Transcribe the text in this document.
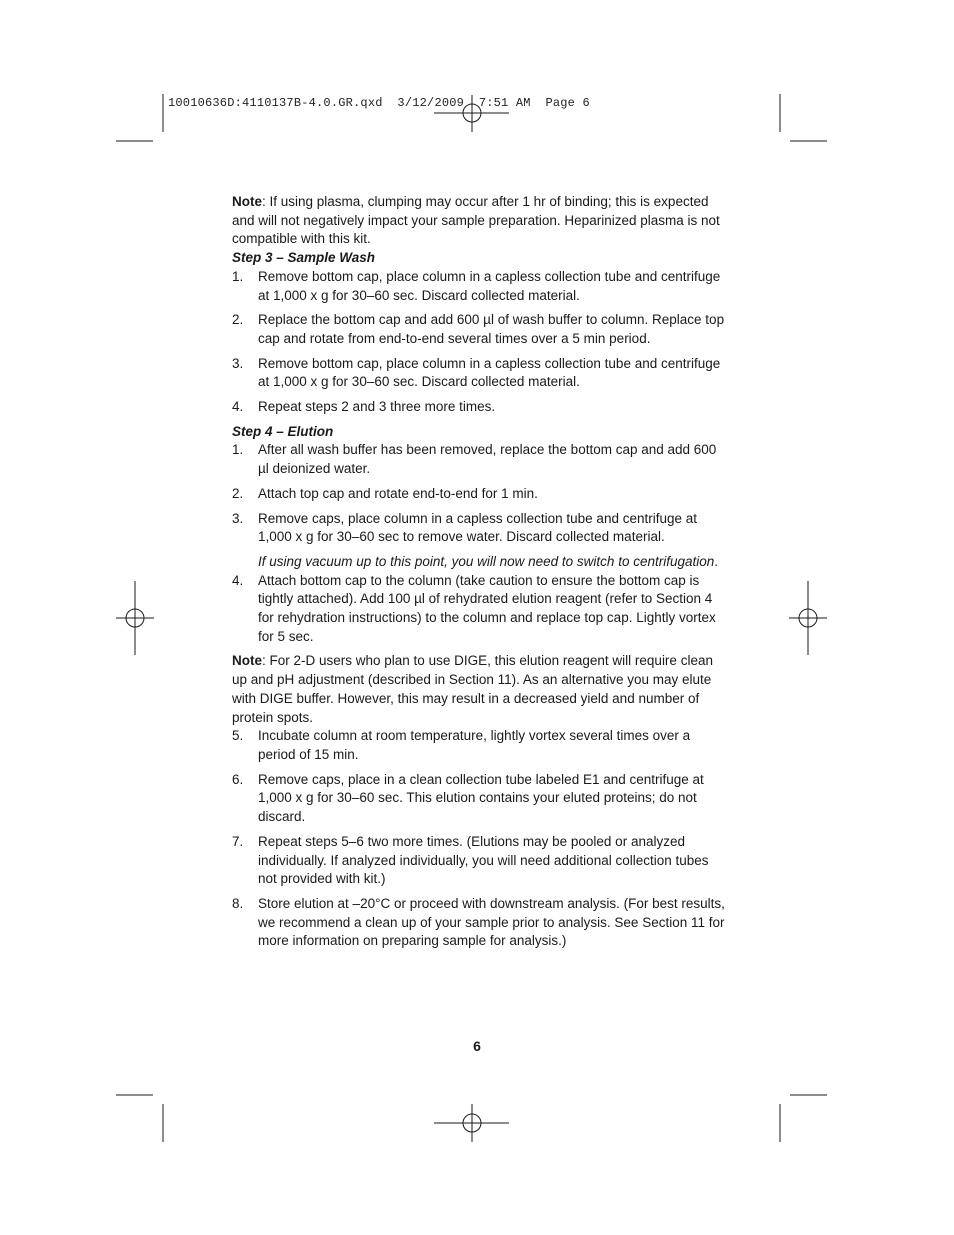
10010636D:4110137B-4.0.GR.qxd  3/12/2009  7:51 AM  Page 6

Note: If using plasma, clumping may occur after 1 hr of binding; this is expected and will not negatively impact your sample preparation. Heparinized plasma is not compatible with this kit.

Step 3 – Sample Wash

1. Remove bottom cap, place column in a capless collection tube and centrifuge at 1,000 x g for 30–60 sec. Discard collected material.
2. Replace the bottom cap and add 600 µl of wash buffer to column. Replace top cap and rotate from end-to-end several times over a 5 min period.
3. Remove bottom cap, place column in a capless collection tube and centrifuge at 1,000 x g for 30–60 sec. Discard collected material.
4. Repeat steps 2 and 3 three more times.

Step 4 – Elution

1. After all wash buffer has been removed, replace the bottom cap and add 600 µl deionized water.
2. Attach top cap and rotate end-to-end for 1 min.
3. Remove caps, place column in a capless collection tube and centrifuge at 1,000 x g for 30–60 sec to remove water. Discard collected material.

If using vacuum up to this point, you will now need to switch to centrifugation.

4. Attach bottom cap to the column (take caution to ensure the bottom cap is tightly attached). Add 100 µl of rehydrated elution reagent (refer to Section 4 for rehydration instructions) to the column and replace top cap. Lightly vortex for 5 sec.

Note: For 2-D users who plan to use DIGE, this elution reagent will require clean up and pH adjustment (described in Section 11). As an alternative you may elute with DIGE buffer. However, this may result in a decreased yield and number of protein spots.

5. Incubate column at room temperature, lightly vortex several times over a period of 15 min.
6. Remove caps, place in a clean collection tube labeled E1 and centrifuge at 1,000 x g for 30–60 sec. This elution contains your eluted proteins; do not discard.
7. Repeat steps 5–6 two more times. (Elutions may be pooled or analyzed individually. If analyzed individually, you will need additional collection tubes not provided with kit.)
8. Store elution at –20°C or proceed with downstream analysis. (For best results, we recommend a clean up of your sample prior to analysis. See Section 11 for more information on preparing sample for analysis.)
6
